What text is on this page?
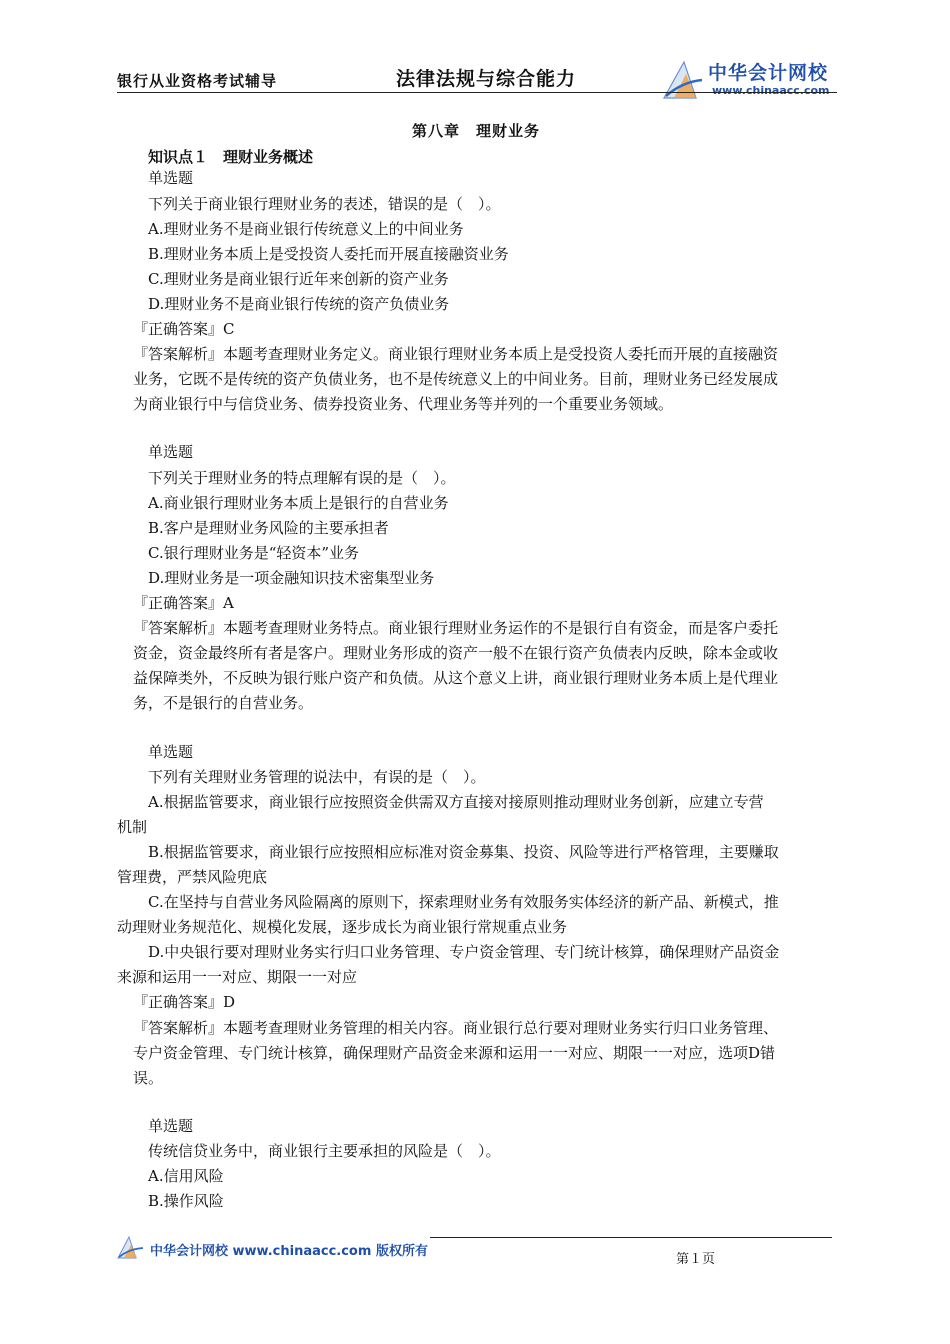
银行从业资格考试辅导	法律法规与综合能力	中华会计网校
www.chinaacc.com
第八章　理财业务
知识点１　理财业务概述
单选题
下列关于商业银行理财业务的表述，错误的是（　）。
A.理财业务不是商业银行传统意义上的中间业务
B.理财业务本质上是受投资人委托而开展直接融资业务
C.理财业务是商业银行近年来创新的资产业务
D.理财业务不是商业银行传统的资产负债业务
『正确答案』C
『答案解析』本题考查理财业务定义。商业银行理财业务本质上是受投资人委托而开展的直接融资
业务，它既不是传统的资产负债业务，也不是传统意义上的中间业务。目前，理财业务已经发展成
为商业银行中与信贷业务、债券投资业务、代理业务等并列的一个重要业务领域。
单选题
下列关于理财业务的特点理解有误的是（　）。
A.商业银行理财业务本质上是银行的自营业务
B.客户是理财业务风险的主要承担者
C.银行理财业务是“轻资本”业务
D.理财业务是一项金融知识技术密集型业务
『正确答案』A
『答案解析』本题考查理财业务特点。商业银行理财业务运作的不是银行自有资金，而是客户委托
资金，资金最终所有者是客户。理财业务形成的资产一般不在银行资产负债表内反映，除本金或收
益保障类外，不反映为银行账户资产和负债。从这个意义上讲，商业银行理财业务本质上是代理业
务，不是银行的自营业务。
单选题
下列有关理财业务管理的说法中，有误的是（　）。
A.根据监管要求，商业银行应按照资金供需双方直接对接原则推动理财业务创新，应建立专营
机制
B.根据监管要求，商业银行应按照相应标准对资金募集、投资、风险等进行严格管理，主要赚取
管理费，严禁风险兜底
C.在坚持与自营业务风险隔离的原则下，探索理财业务有效服务实体经济的新产品、新模式，推
动理财业务规范化、规模化发展，逐步成长为商业银行常规重点业务
D.中央银行要对理财业务实行归口业务管理、专户资金管理、专门统计核算，确保理财产品资金
来源和运用一一对应、期限一一对应
『正确答案』D
『答案解析』本题考查理财业务管理的相关内容。商业银行总行要对理财业务实行归口业务管理、
专户资金管理、专门统计核算，确保理财产品资金来源和运用一一对应、期限一一对应，选项D错
误。
单选题
传统信贷业务中，商业银行主要承担的风险是（　）。
A.信用风险
B.操作风险
中华会计网校 www.chinaacc.com 版权所有
第１页
